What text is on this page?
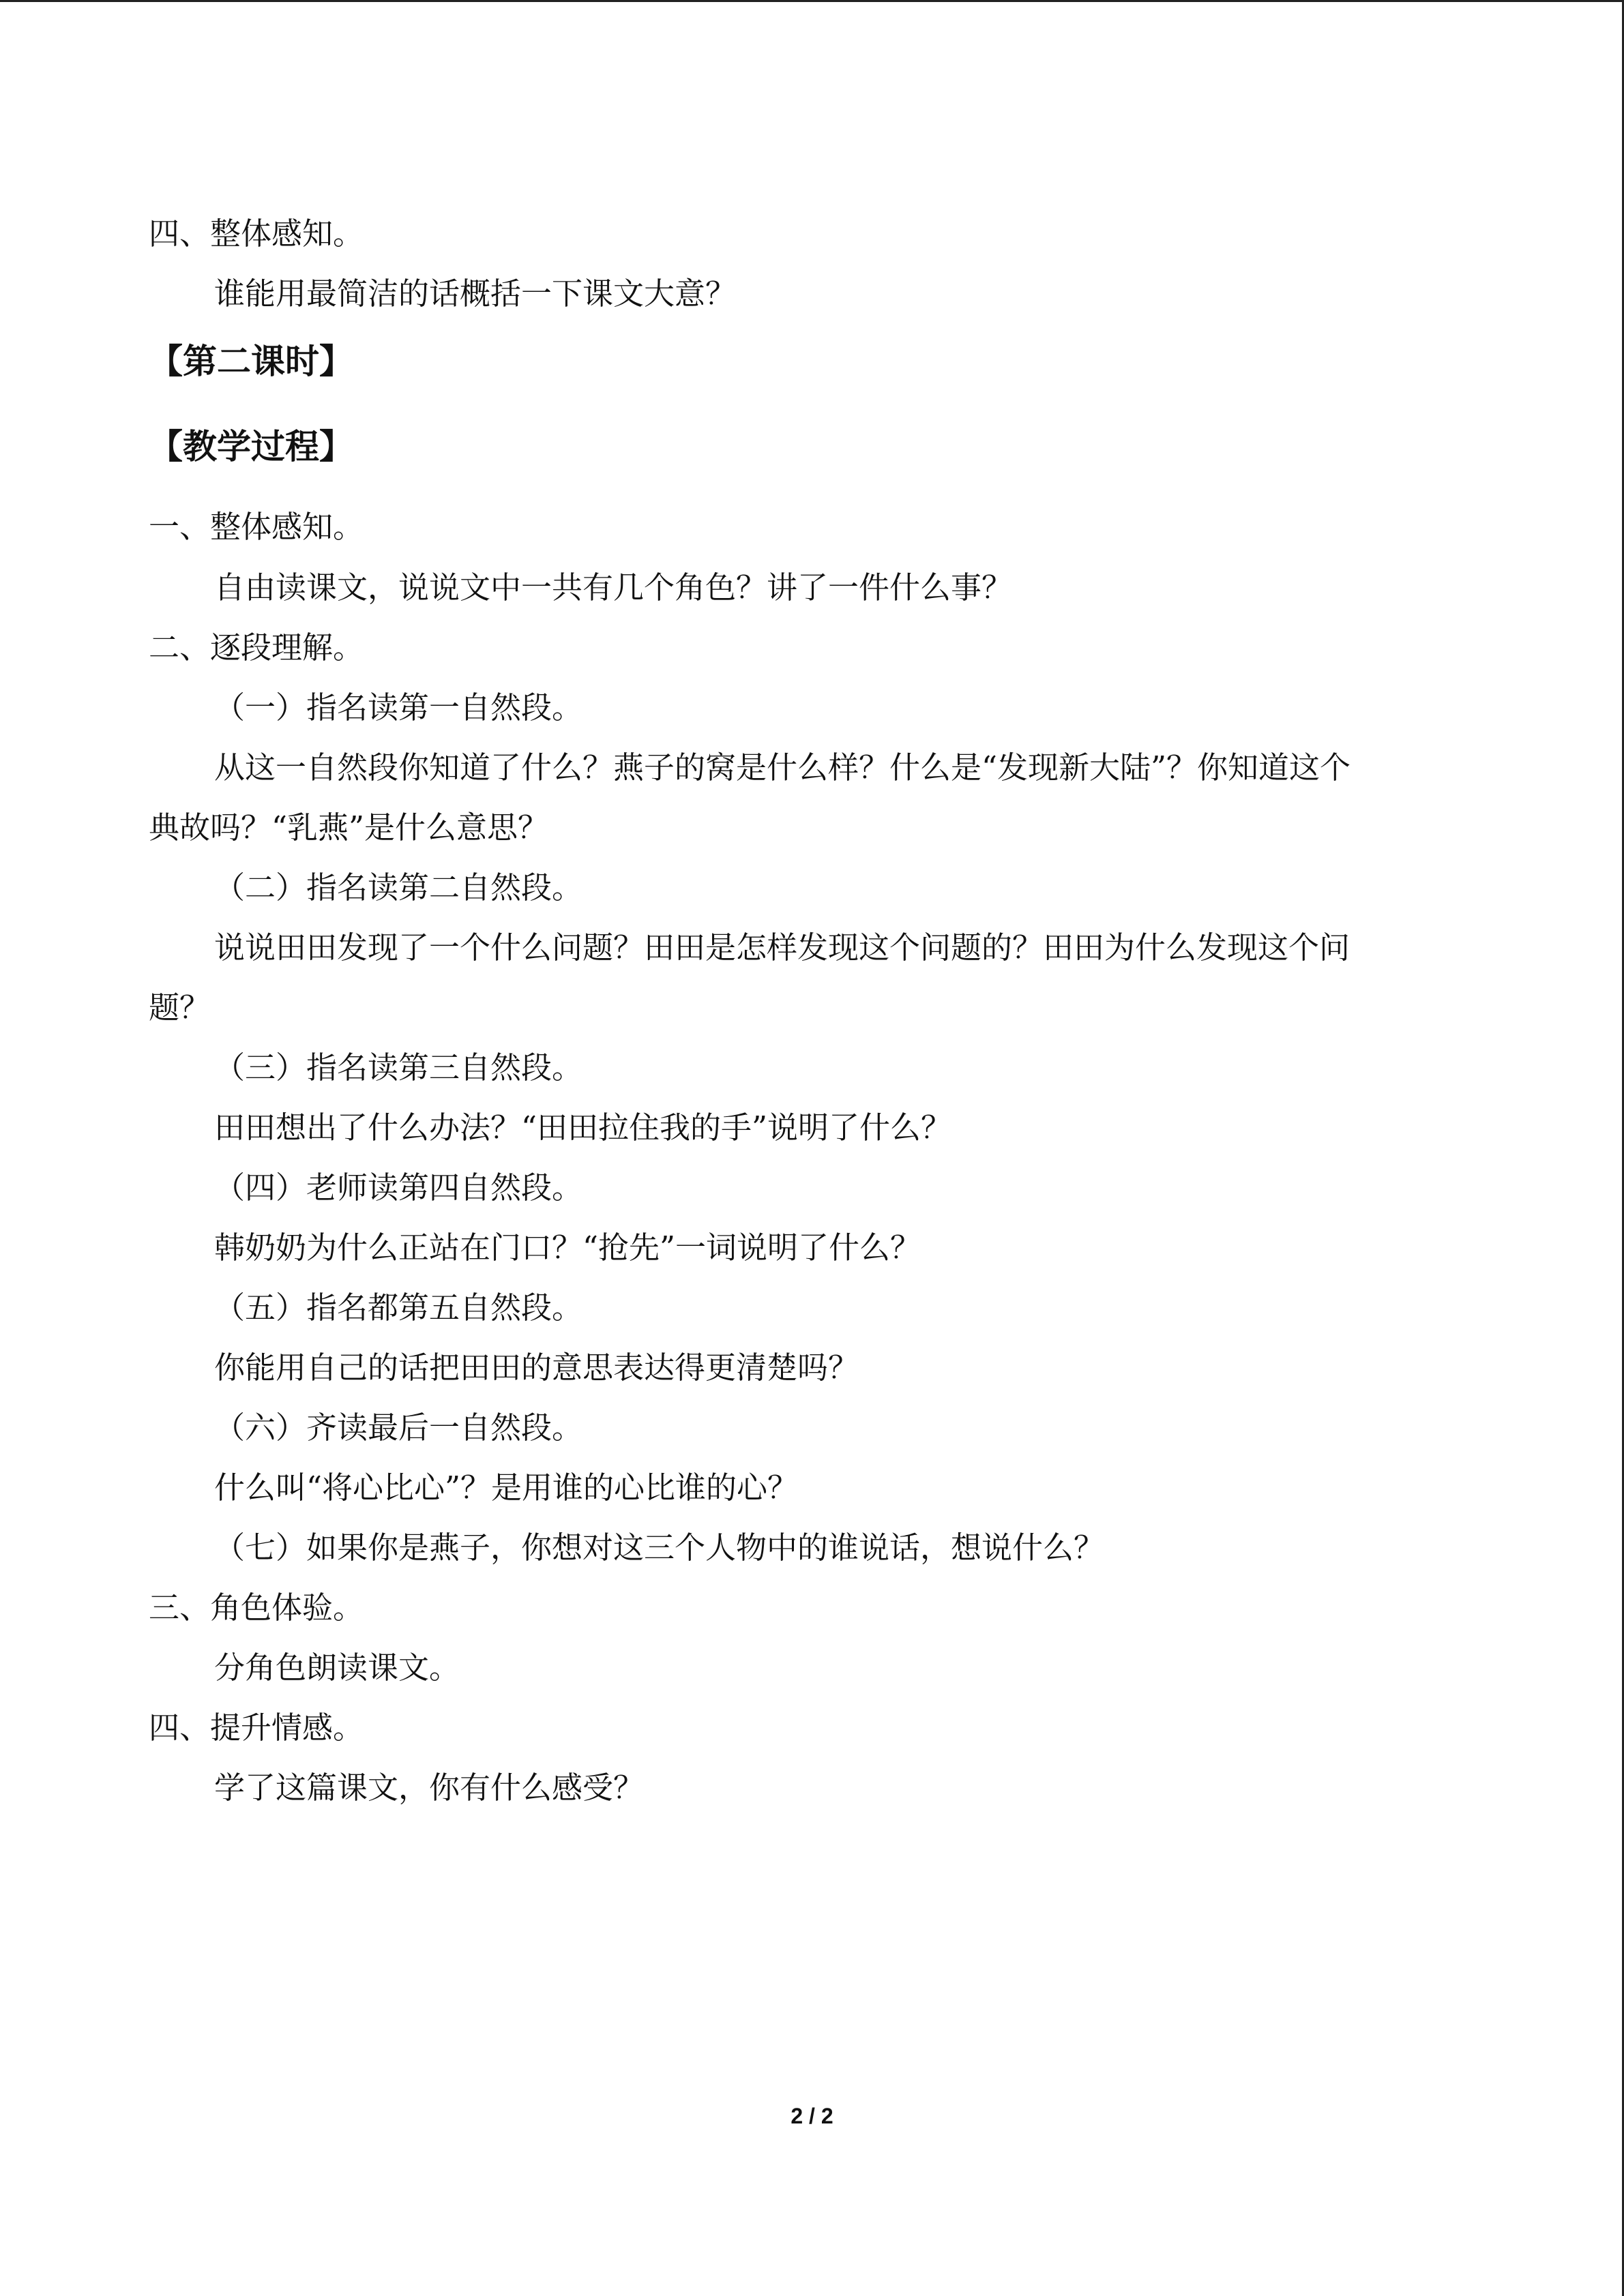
四、整体感知。
谁能用最简洁的话概括一下课文大意？
【第二课时】
【教学过程】
一、整体感知。
自由读课文，说说文中一共有几个角色？讲了一件什么事？
二、逐段理解。
（一）指名读第一自然段。
从这一自然段你知道了什么？燕子的窝是什么样？什么是“发现新大陆”？你知道这个
典故吗？“乳燕”是什么意思？
（二）指名读第二自然段。
说说田田发现了一个什么问题？田田是怎样发现这个问题的？田田为什么发现这个问
题？
（三）指名读第三自然段。
田田想出了什么办法？“田田拉住我的手”说明了什么？
（四）老师读第四自然段。
韩奶奶为什么正站在门口？“抢先”一词说明了什么？
（五）指名都第五自然段。
你能用自己的话把田田的意思表达得更清楚吗？
（六）齐读最后一自然段。
什么叫“将心比心”？是用谁的心比谁的心？
（七）如果你是燕子，你想对这三个人物中的谁说话，想说什么？
三、角色体验。
分角色朗读课文。
四、提升情感。
学了这篇课文，你有什么感受？
2 / 2
